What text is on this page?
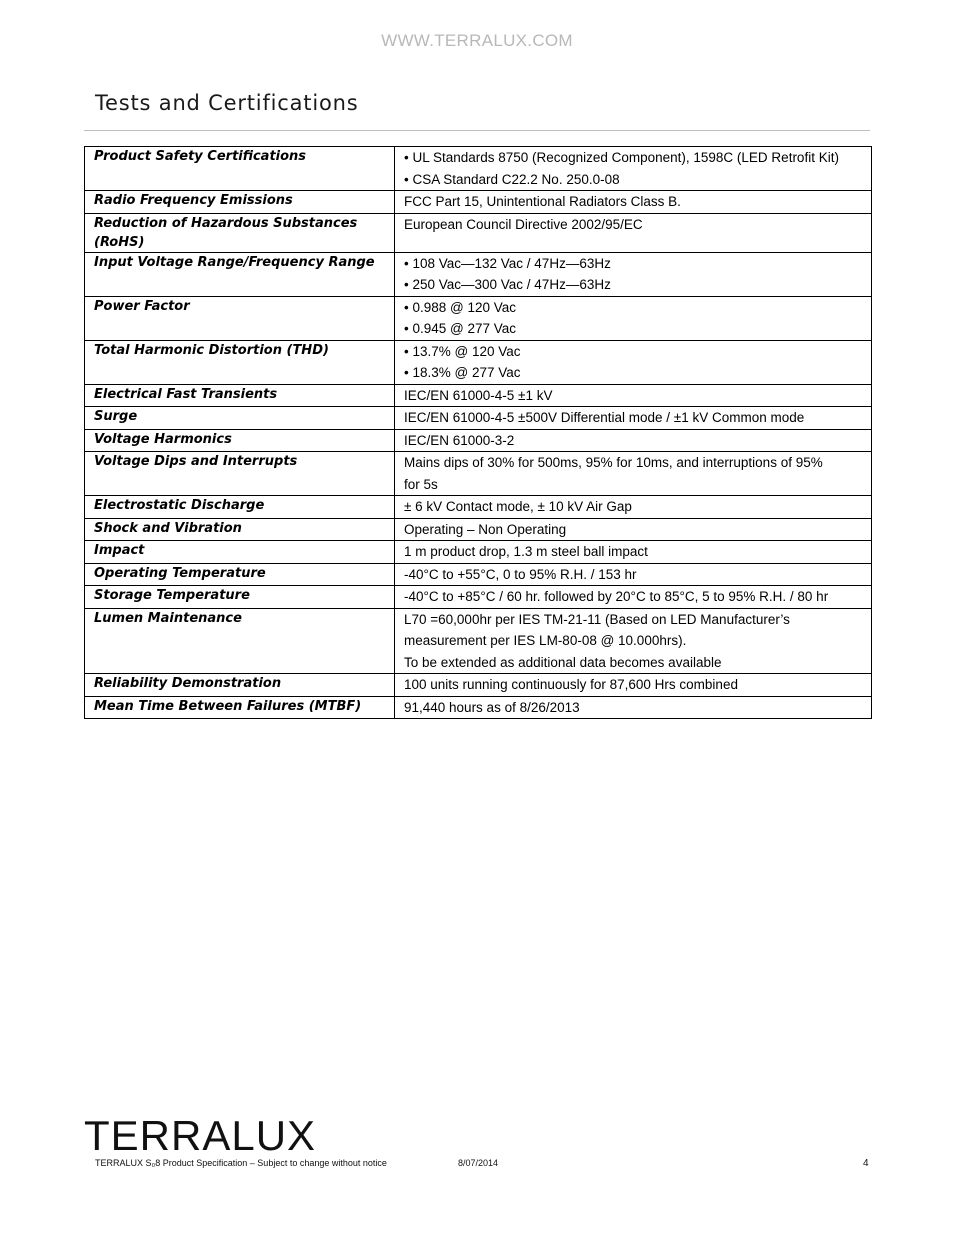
WWW.TERRALUX.COM
Tests and Certifications
Product Safety Certifications	• UL Standards 8750 (Recognized Component), 1598C (LED Retrofit Kit)
• CSA Standard C22.2 No. 250.0-08

Radio Frequency Emissions	FCC Part 15, Unintentional Radiators Class B.

Reduction of Hazardous Substances (RoHS)	European Council Directive 2002/95/EC

Input Voltage Range/Frequency Range	• 108 Vac—132 Vac / 47Hz—63Hz
• 250 Vac—300 Vac / 47Hz—63Hz

Power Factor	• 0.988 @ 120 Vac
• 0.945 @ 277 Vac

Total Harmonic Distortion (THD)	• 13.7% @ 120 Vac
• 18.3% @ 277 Vac

Electrical Fast Transients	IEC/EN 61000-4-5 ±1 kV

Surge	IEC/EN 61000-4-5 ±500V Differential mode / ±1 kV Common mode

Voltage Harmonics	IEC/EN 61000-3-2

Voltage Dips and Interrupts	Mains dips of 30% for 500ms, 95% for 10ms, and interruptions of 95%
for 5s

Electrostatic Discharge	± 6 kV Contact mode, ± 10 kV Air Gap

Shock and Vibration	Operating – Non Operating

Impact	1 m product drop, 1.3 m steel ball impact

Operating Temperature	-40°C to +55°C, 0 to 95% R.H. / 153 hr

Storage Temperature	-40°C to +85°C / 60 hr. followed by 20°C to 85°C, 5 to 95% R.H. / 80 hr

Lumen Maintenance	L70 =60,000hr per IES TM-21-11 (Based on LED Manufacturer’s
measurement per IES LM-80-08 @ 10.000hrs).
To be extended as additional data becomes available

Reliability Demonstration	100 units running continuously for 87,600 Hrs combined

Mean Time Between Failures (MTBF)	91,440 hours as of 8/26/2013
TERRALUX
TERRALUX S₀8 Product Specification – Subject to change without notice	8/07/2014	4
